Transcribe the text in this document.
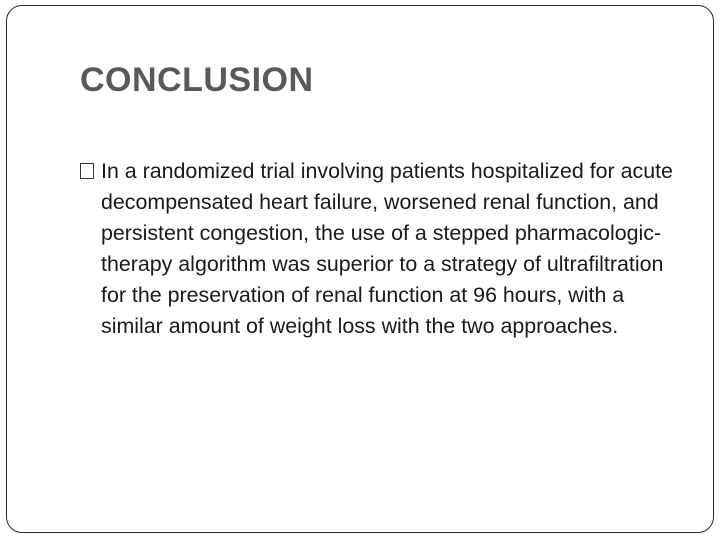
CONCLUSION
In a randomized trial involving patients hospitalized for acute decompensated heart failure, worsened renal function, and persistent congestion, the use of a stepped pharmacologic-therapy algorithm was superior to a strategy of ultrafiltration for the preservation of renal function at 96 hours, with a similar amount of weight loss with the two approaches.
